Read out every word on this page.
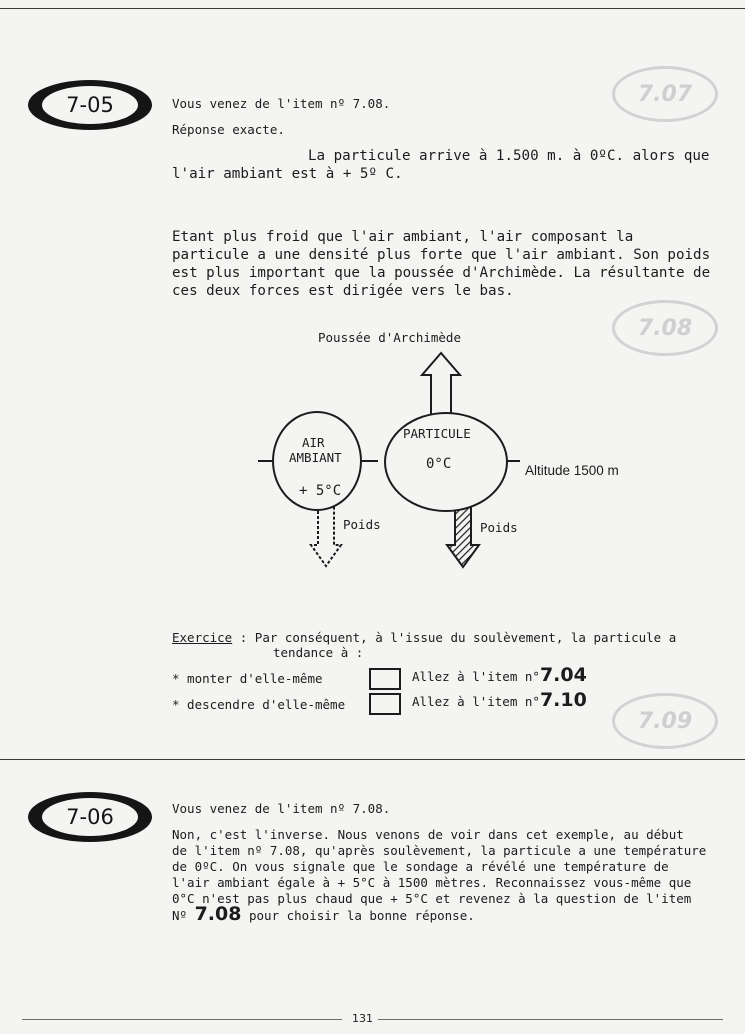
7.07
7.08
7.09

7-05	Vous venez de l'item nº 7.08.
Réponse exacte.
La particule arrive à 1.500 m. à 0ºC. alors que
l'air ambiant est à + 5º C.
Etant plus froid que l'air ambiant, l'air composant la
particule a une densité plus forte que l'air ambiant. Son poids
est plus important que la poussée d'Archimède. La résultante de
ces deux forces est dirigée vers le bas.
Poussée d'Archimède
AIR
AMBIANT
+ 5°C
PARTICULE
0°C	Altitude 1500 m
Poids	Poids
Exercice : Par conséquent, à l'issue du soulèvement, la particule a
tendance à :
* monter d'elle-même	Allez à l'item n°7.04
* descendre d'elle-même	Allez à l'item n°7.10
7-06	Vous venez de l'item nº 7.08.
Non, c'est l'inverse. Nous venons de voir dans cet exemple, au début
de l'item nº 7.08, qu'après soulèvement, la particule a une température
de 0ºC. On vous signale que le sondage a révélé une température de
l'air ambiant égale à + 5°C à 1500 mètres. Reconnaissez vous-même que
0°C n'est pas plus chaud que + 5°C et revenez à la question de l'item
Nº 7.08 pour choisir la bonne réponse.
131
